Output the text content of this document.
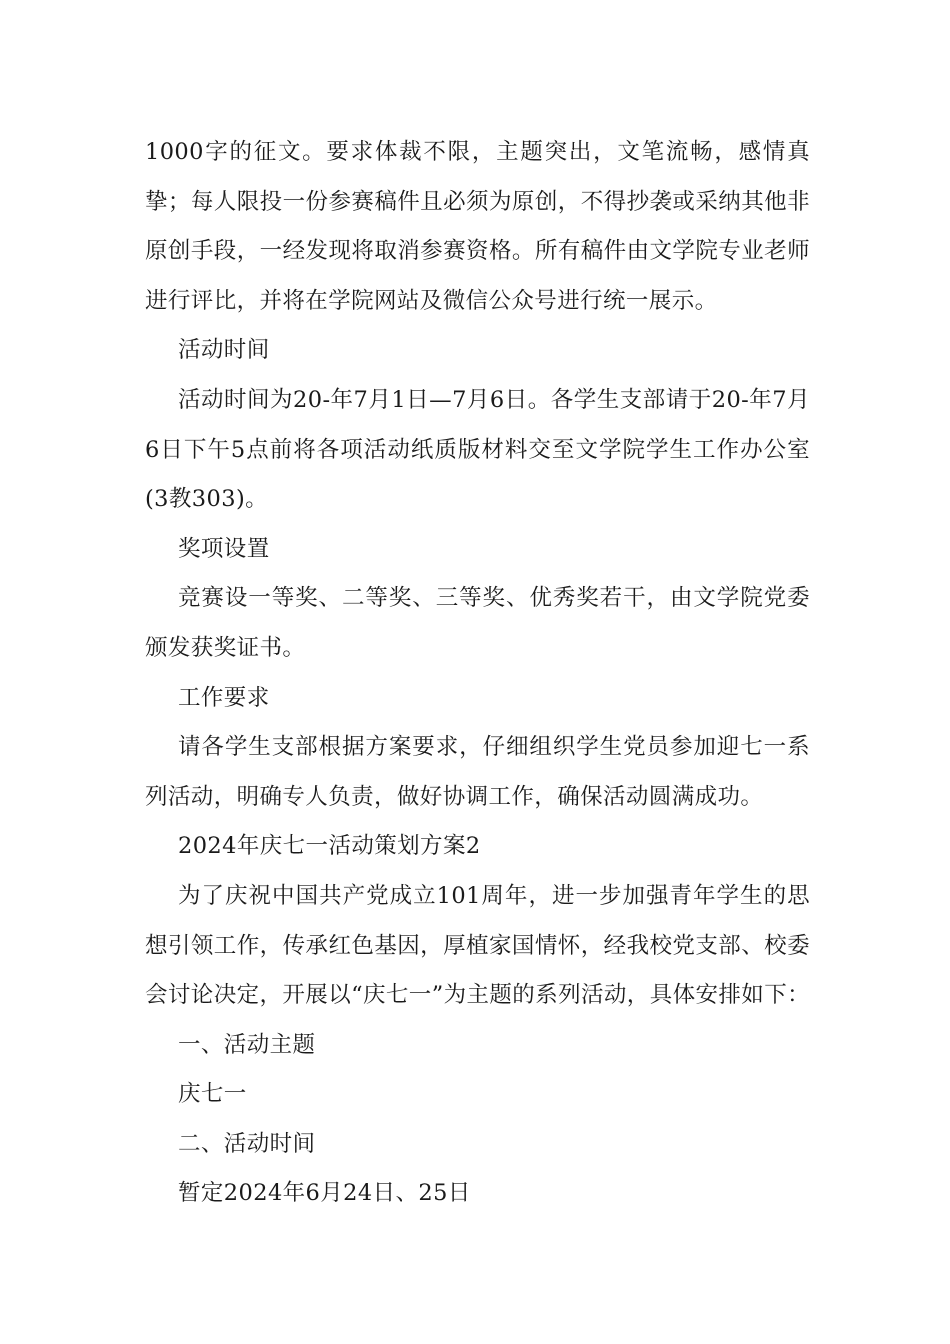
1000字的征文。要求体裁不限，主题突出，文笔流畅，感情真挚；每人限投一份参赛稿件且必须为原创，不得抄袭或采纳其他非原创手段，一经发现将取消参赛资格。所有稿件由文学院专业老师进行评比，并将在学院网站及微信公众号进行统一展示。

活动时间

活动时间为20-年7月1日—7月6日。各学生支部请于20-年7月6日下午5点前将各项活动纸质版材料交至文学院学生工作办公室(3教303)。

奖项设置

竞赛设一等奖、二等奖、三等奖、优秀奖若干，由文学院党委颁发获奖证书。

工作要求

请各学生支部根据方案要求，仔细组织学生党员参加迎七一系列活动，明确专人负责，做好协调工作，确保活动圆满成功。

2024年庆七一活动策划方案2

为了庆祝中国共产党成立101周年，进一步加强青年学生的思想引领工作，传承红色基因，厚植家国情怀，经我校党支部、校委会讨论决定，开展以“庆七一”为主题的系列活动，具体安排如下：

一、活动主题

庆七一

二、活动时间

暂定2024年6月24日、25日
